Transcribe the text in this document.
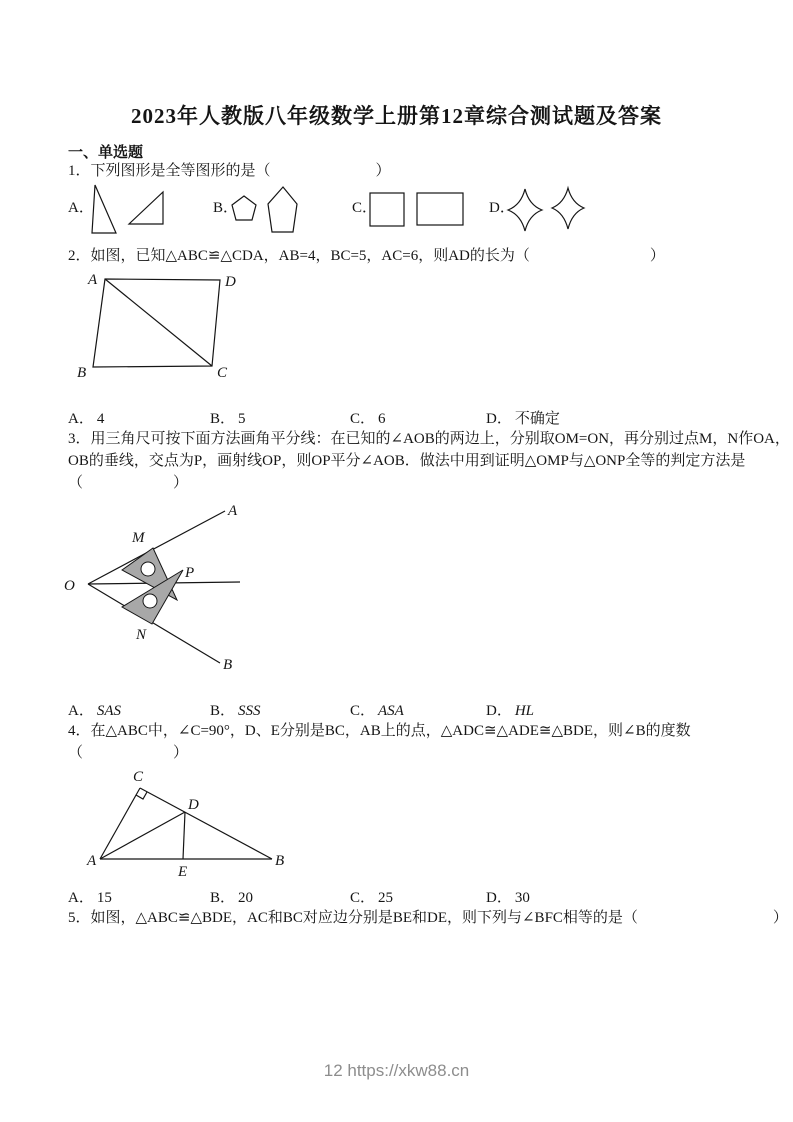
2023年人教版八年级数学上册第12章综合测试题及答案
一、单选题
1．下列图形是全等图形的是（　　　　　　　）
A．	B．	C．	D．
2．如图，已知△ABC≌△CDA，AB=4，BC=5，AC=6，则AD的长为（　　　　　　　　）
A	D
B	C
A． 4	B． 5	C． 6	D． 不确定
3．用三角尺可按下面方法画角平分线：在已知的∠AOB的两边上，分别取OM=ON，再分别过点M，N作OA，
OB的垂线，交点为P，画射线OP，则OP平分∠AOB．做法中用到证明△OMP与△ONP全等的判定方法是
（　　　　　　）
O
A
B
M
N
P
A． SAS	B． SSS	C． ASA	D． HL
4．在△ABC中，∠C=90°，D、E分别是BC，AB上的点，△ADC≅△ADE≅△BDE，则∠B的度数
（　　　　　　）
C
D
A	B
E
A． 15	B． 20	C． 25	D． 30
5．如图，△ABC≌△BDE，AC和BC对应边分别是BE和DE，则下列与∠BFC相等的是（　　　　　　　　　）
12 https://xkw88.cn
